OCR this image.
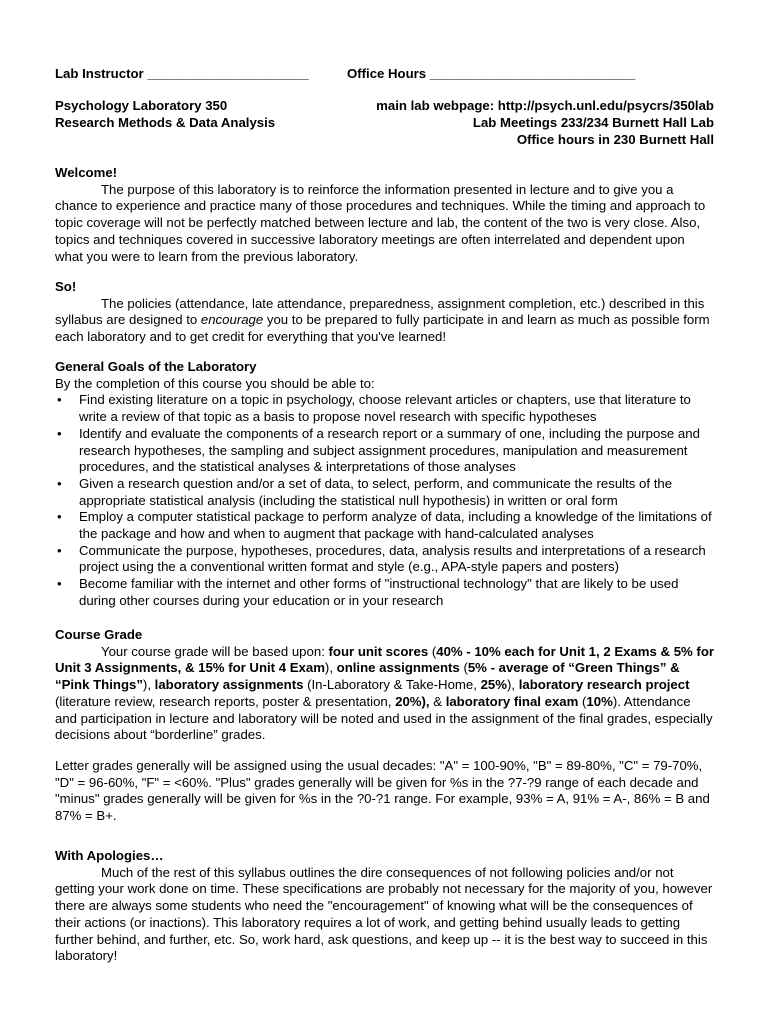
Lab Instructor ______________________	Office Hours ____________________________
Psychology Laboratory 350
Research Methods & Data Analysis
main lab webpage: http://psych.unl.edu/psycrs/350lab
Lab Meetings 233/234 Burnett Hall Lab
Office hours in 230 Burnett Hall

Welcome!

The purpose of this laboratory is to reinforce the information presented in lecture and to give you a chance to experience and practice many of those procedures and techniques. While the timing and approach to topic coverage will not be perfectly matched between lecture and lab, the content of the two is very close. Also, topics and techniques covered in successive laboratory meetings are often interrelated and dependent upon what you were to learn from the previous laboratory.

So!

The policies (attendance, late attendance, preparedness, assignment completion, etc.) described in this syllabus are designed to encourage you to be prepared to fully participate in and learn as much as possible form each laboratory and to get credit for everything that you've learned!

General Goals of the Laboratory

By the completion of this course you should be able to:

• Find existing literature on a topic in psychology, choose relevant articles or chapters, use that literature to write a review of that topic as a basis to propose novel research with specific hypotheses
• Identify and evaluate the components of a research report or a summary of one, including the purpose and research hypotheses, the sampling and subject assignment procedures, manipulation and measurement procedures, and the statistical analyses & interpretations of those analyses
• Given a research question and/or a set of data, to select, perform, and communicate the results of the appropriate statistical analysis (including the statistical null hypothesis) in written or oral form
• Employ a computer statistical package to perform analyze of data, including a knowledge of the limitations of the package and how and when to augment that package with hand-calculated analyses
• Communicate the purpose, hypotheses, procedures, data, analysis results and interpretations of a research project using the a conventional written format and style (e.g., APA-style papers and posters)
• Become familiar with the internet and other forms of "instructional technology" that are likely to be used during other courses during your education or in your research

Course Grade

Your course grade will be based upon: four unit scores (40% - 10% each for Unit 1, 2 Exams & 5% for Unit 3 Assignments, & 15% for Unit 4 Exam), online assignments (5% - average of “Green Things” & “Pink Things”), laboratory assignments (In-Laboratory & Take-Home, 25%), laboratory research project (literature review, research reports, poster & presentation, 20%), & laboratory final exam (10%). Attendance and participation in lecture and laboratory will be noted and used in the assignment of the final grades, especially decisions about “borderline” grades.

Letter grades generally will be assigned using the usual decades: "A" = 100-90%, "B" = 89-80%, "C" = 79-70%, "D" = 96-60%, "F" = <60%. "Plus" grades generally will be given for %s in the ?7-?9 range of each decade and "minus" grades generally will be given for %s in the ?0-?1 range. For example, 93% = A, 91% = A-, 86% = B and 87% = B+.

With Apologies…

Much of the rest of this syllabus outlines the dire consequences of not following policies and/or not getting your work done on time. These specifications are probably not necessary for the majority of you, however there are always some students who need the "encouragement" of knowing what will be the consequences of their actions (or inactions). This laboratory requires a lot of work, and getting behind usually leads to getting further behind, and further, etc. So, work hard, ask questions, and keep up -- it is the best way to succeed in this laboratory!
